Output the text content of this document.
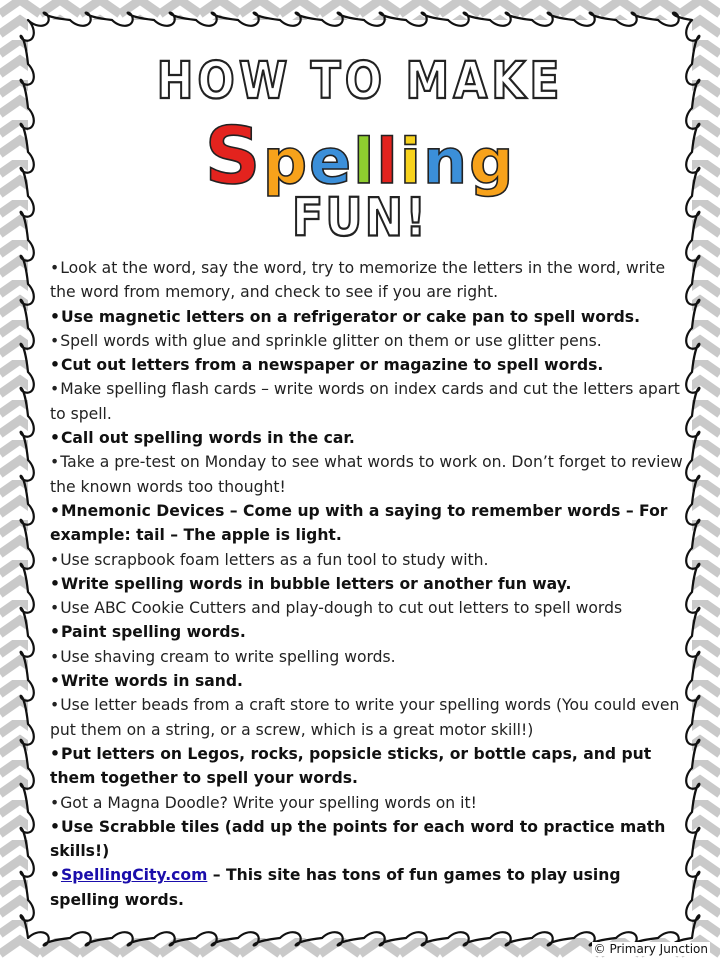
HOW TO MAKE
Spelling
FUN!
•Look at the word, say the word, try to memorize the letters in the word, write the word from memory, and check to see if you are right.
•Use magnetic letters on a refrigerator or cake pan to spell words.
•Spell words with glue and sprinkle glitter on them or use glitter pens.
•Cut out letters from a newspaper or magazine to spell words.
•Make spelling flash cards – write words on index cards and cut the letters apart to spell.
•Call out spelling words in the car.
•Take a pre-test on Monday to see what words to work on. Don’t forget to review the known words too thought!
•Mnemonic Devices – Come up with a saying to remember words – For example: tail – The apple is light.
•Use scrapbook foam letters as a fun tool to study with.
•Write spelling words in bubble letters or another fun way.
•Use ABC Cookie Cutters and play-dough to cut out letters to spell words
•Paint spelling words.
•Use shaving cream to write spelling words.
•Write words in sand.
•Use letter beads from a craft store to write your spelling words (You could even put them on a string, or a screw, which is a great motor skill!)
•Put letters on Legos, rocks, popsicle sticks, or bottle caps, and put them together to spell your words.
•Got a Magna Doodle? Write your spelling words on it!
•Use Scrabble tiles (add up the points for each word to practice math skills!)
•SpellingCity.com – This site has tons of fun games to play using spelling words.
© Primary Junction
